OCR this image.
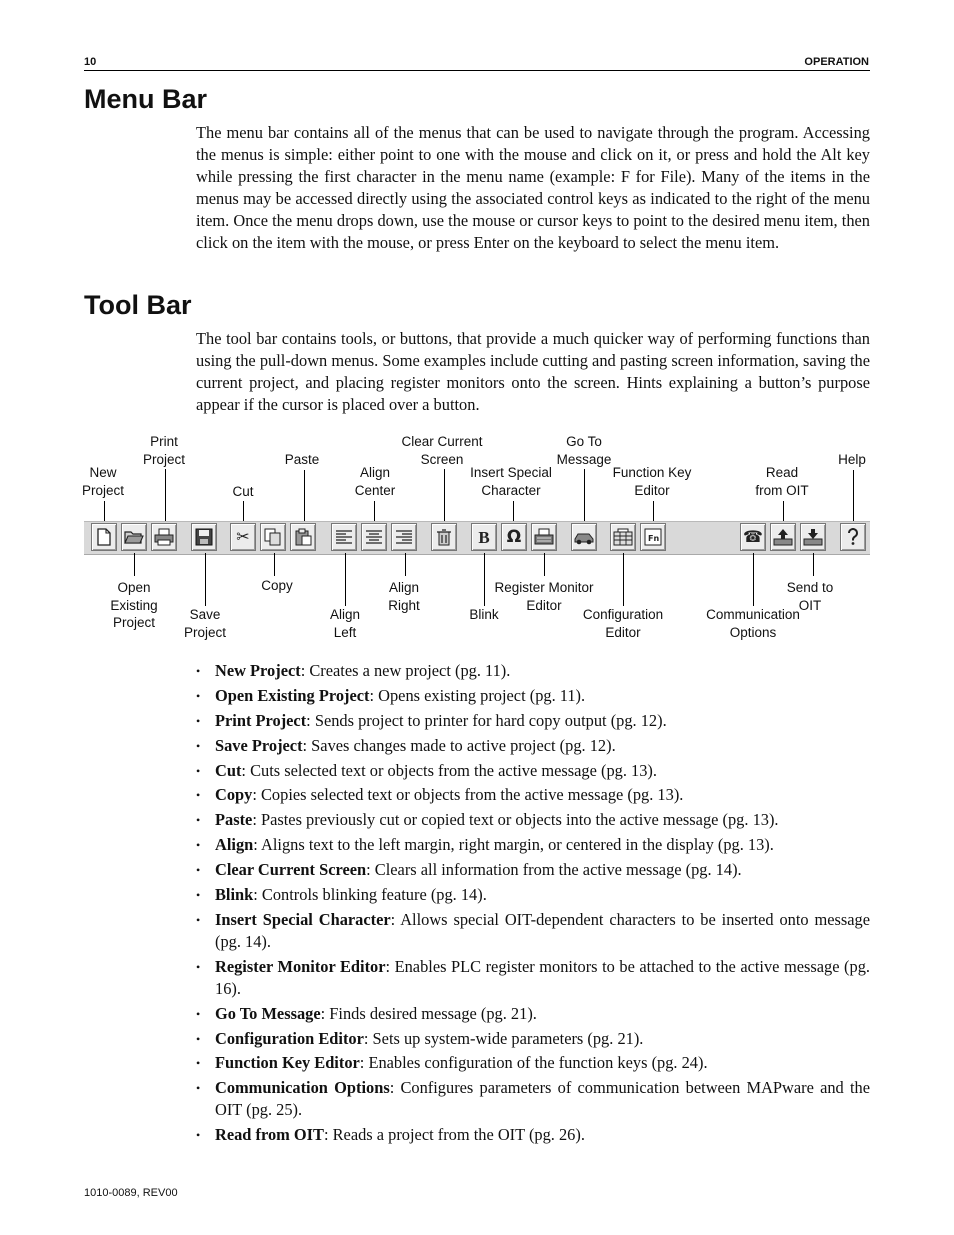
10	OPERATION
Menu Bar

The menu bar contains all of the menus that can be used to navigate through the program. Accessing the menus is simple: either point to one with the mouse and click on it, or press and hold the Alt key while pressing the first character in the menu name (example: F for File). Many of the items in the menus may be accessed directly using the associated control keys as indicated to the right of the menu item. Once the menu drops down, use the mouse or cursor keys to point to the desired menu item, then click on the item with the mouse, or press Enter on the keyboard to select the menu item.

Tool Bar

The tool bar contains tools, or buttons, that provide a much quicker way of performing functions than using the pull-down menus. Some examples include cutting and pasting screen information, saving the current project, and placing register monitors onto the screen. Hints explaining a button’s purpose appear if the cursor is placed over a button.

New
Project
Print
Project
Cut
Paste
Align
Center
Clear Current
Screen
Insert Special
Character
Go To
Message
Function Key
Editor
Read
from OIT
Help
✂	B Ω	Fn	☎
Open
Existing
Project
Save
Project
Copy
Align
Left
Align
Right
Blink
Register Monitor
Editor
Configuration
Editor
Communication
Options
Send to
OIT
• New Project: Creates a new project (pg. 11).
• Open Existing Project: Opens existing project (pg. 11).
• Print Project: Sends project to printer for hard copy output (pg. 12).
• Save Project: Saves changes made to active project (pg. 12).
• Cut: Cuts selected text or objects from the active message (pg. 13).
• Copy: Copies selected text or objects from the active message (pg. 13).
• Paste: Pastes previously cut or copied text or objects into the active message (pg. 13).
• Align: Aligns text to the left margin, right margin, or centered in the display (pg. 13).
• Clear Current Screen: Clears all information from the active message (pg. 14).
• Blink: Controls blinking feature (pg. 14).
• Insert Special Character: Allows special OIT-dependent characters to be inserted onto message (pg. 14).
• Register Monitor Editor: Enables PLC register monitors to be attached to the active message (pg. 16).
• Go To Message: Finds desired message (pg. 21).
• Configuration Editor: Sets up system-wide parameters (pg. 21).
• Function Key Editor: Enables configuration of the function keys (pg. 24).
• Communication Options: Configures parameters of communication between MAPware and the OIT (pg. 25).
• Read from OIT: Reads a project from the OIT (pg. 26).
1010-0089, REV00
